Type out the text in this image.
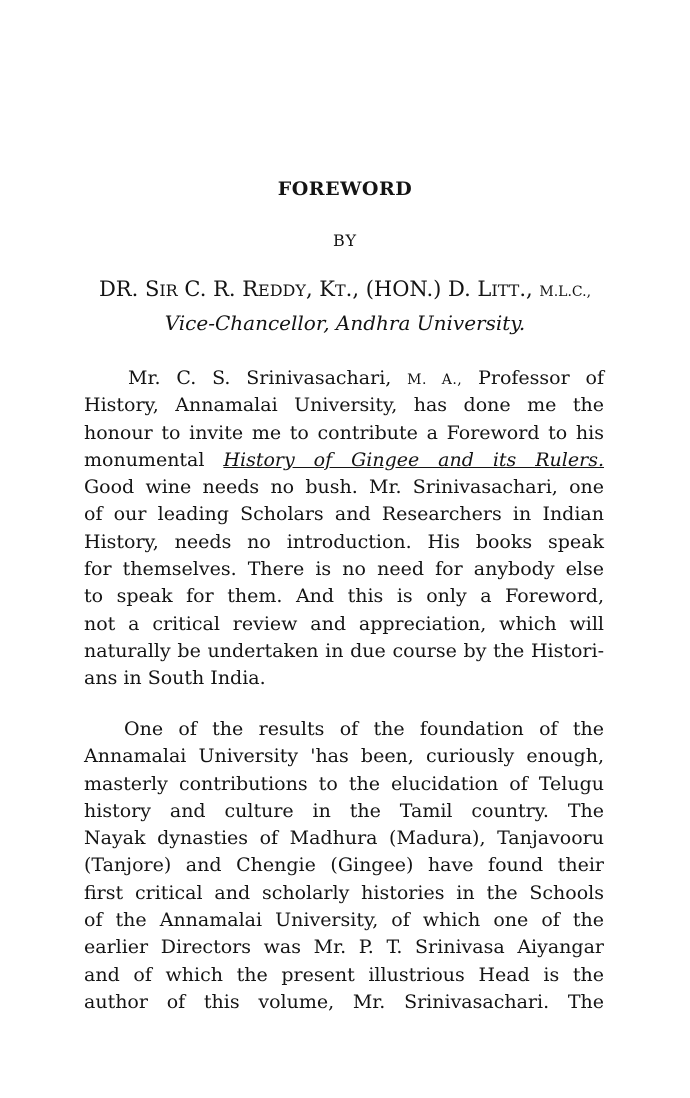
FOREWORD
BY
DR. SIR C. R. REDDY, KT., (HON.) D. LITT., M.L.C.,
Vice-Chancellor, Andhra University.
Mr. C. S. Srinivasachari, M. A., Professor of
History, Annamalai University, has done me the
honour to invite me to contribute a Foreword to his
monumental History of Gingee and its Rulers.
Good wine needs no bush. Mr. Srinivasachari, one
of our leading Scholars and Researchers in Indian
History, needs no introduction. His books speak
for themselves. There is no need for anybody else
to speak for them. And this is only a Foreword,
not a critical review and appreciation, which will
naturally be undertaken in due course by the Histori-
ans in South India.
One of the results of the foundation of the
Annamalai University 'has been, curiously enough,
masterly contributions to the elucidation of Telugu
history and culture in the Tamil country. The
Nayak dynasties of Madhura (Madura), Tanjavooru
(Tanjore) and Chengie (Gingee) have found their
first critical and scholarly histories in the Schools
of the Annamalai University, of which one of the
earlier Directors was Mr. P. T. Srinivasa Aiyangar
and of which the present illustrious Head is the
author of this volume, Mr. Srinivasachari. The
